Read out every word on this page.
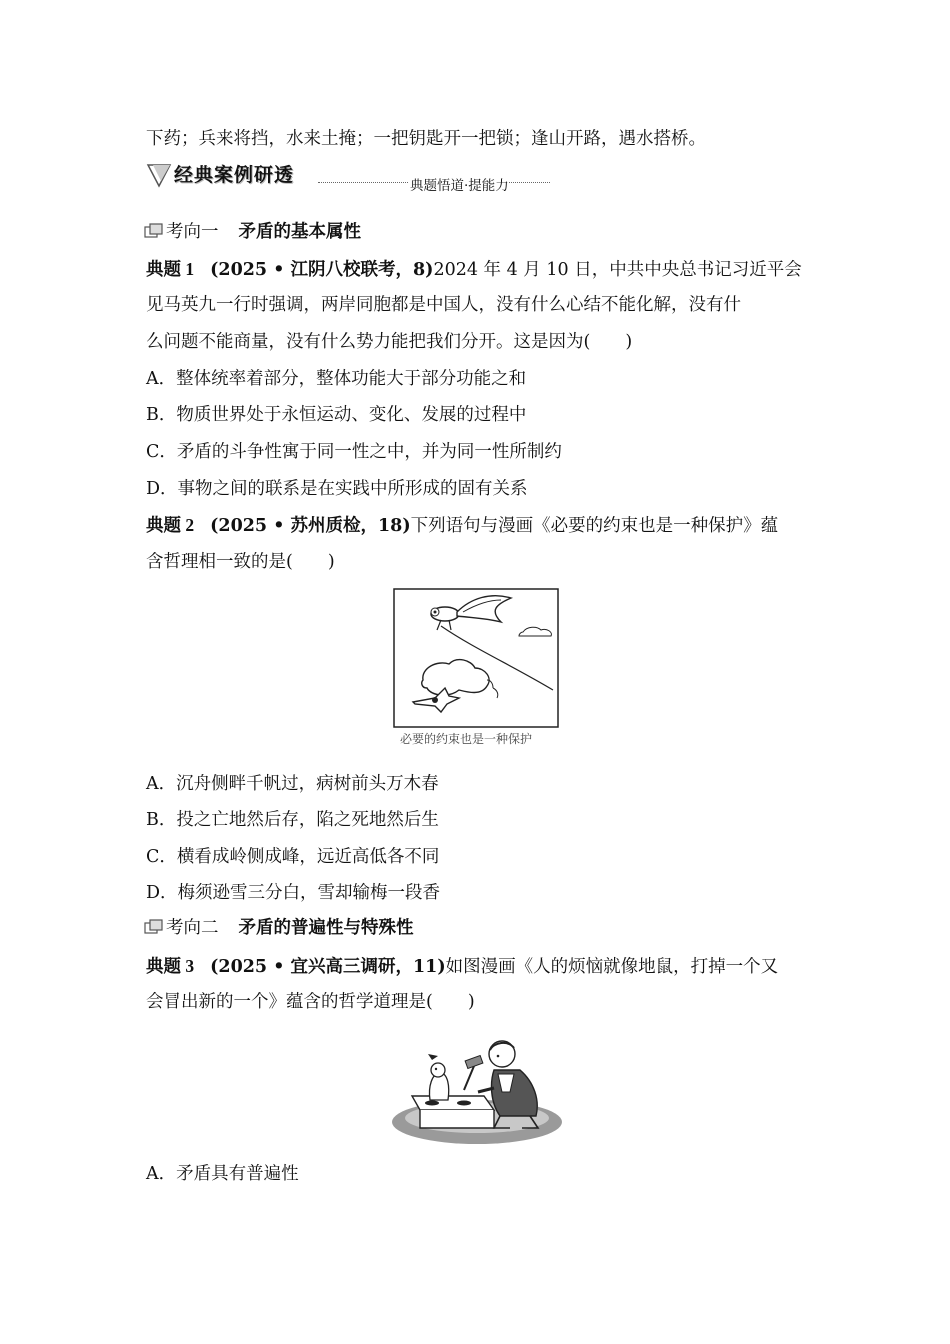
下药；兵来将挡，水来土掩；一把钥匙开一把锁；逢山开路，遇水搭桥。
经典案例研透	典题悟道·提能力
考向一 矛盾的基本属性
典题 1 (2025 • 江阴八校联考，8)2024 年 4 月 10 日，中共中央总书记习近平会
见马英九一行时强调，两岸同胞都是中国人，没有什么心结不能化解，没有什
么问题不能商量，没有什么势力能把我们分开。这是因为(　　)
A．整体统率着部分，整体功能大于部分功能之和
B．物质世界处于永恒运动、变化、发展的过程中
C．矛盾的斗争性寓于同一性之中，并为同一性所制约
D．事物之间的联系是在实践中所形成的固有关系
典题 2 (2025 • 苏州质检，18)下列语句与漫画《必要的约束也是一种保护》蕴
含哲理相一致的是(　　)
必要的约束也是一种保护
A．沉舟侧畔千帆过，病树前头万木春
B．投之亡地然后存，陷之死地然后生
C．横看成岭侧成峰，远近高低各不同
D．梅须逊雪三分白，雪却输梅一段香
考向二 矛盾的普遍性与特殊性
典题 3 (2025 • 宜兴高三调研，11)如图漫画《人的烦恼就像地鼠，打掉一个又
会冒出新的一个》蕴含的哲学道理是(　　)
A．矛盾具有普遍性
